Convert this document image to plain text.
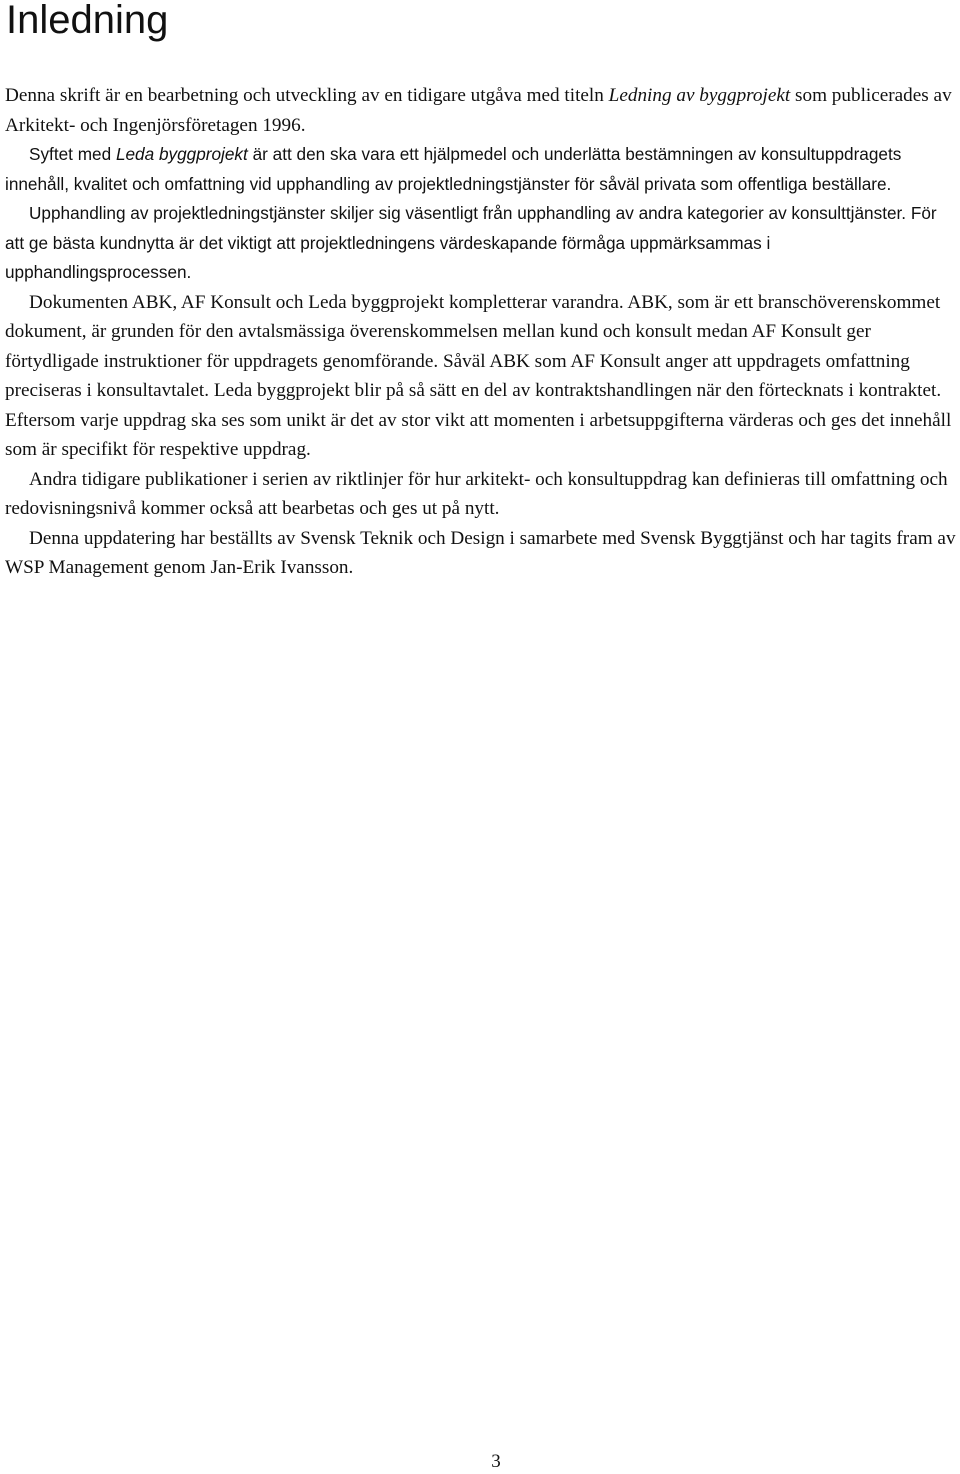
Inledning

Denna skrift är en bearbetning och utveckling av en tidigare utgåva med titeln Ledning av byggprojekt som publicerades av Arkitekt- och Ingenjörsföretagen 1996.

Syftet med Leda byggprojekt är att den ska vara ett hjälpmedel och underlätta bestämningen av konsultuppdragets innehåll, kvalitet och omfattning vid upphandling av projektledningstjänster för såväl privata som offentliga beställare.

Upphandling av projektledningstjänster skiljer sig väsentligt från upphandling av andra kategorier av konsulttjänster. För att ge bästa kundnytta är det viktigt att projektledningens värdeskapande förmåga uppmärksammas i upphandlingsprocessen.

Dokumenten ABK, AF Konsult och Leda byggprojekt kompletterar varandra. ABK, som är ett branschöverenskommet dokument, är grunden för den avtalsmässiga överenskommelsen mellan kund och konsult medan AF Konsult ger förtydligade instruktioner för uppdragets genomförande. Såväl ABK som AF Konsult anger att uppdragets omfattning preciseras i konsultavtalet. Leda byggprojekt blir på så sätt en del av kontraktshandlingen när den förtecknats i kontraktet. Eftersom varje uppdrag ska ses som unikt är det av stor vikt att momenten i arbetsuppgifterna värderas och ges det innehåll som är specifikt för respektive uppdrag.

Andra tidigare publikationer i serien av riktlinjer för hur arkitekt- och konsultuppdrag kan definieras till omfattning och redovisningsnivå kommer också att bearbetas och ges ut på nytt.

Denna uppdatering har beställts av Svensk Teknik och Design i samarbete med Svensk Byggtjänst och har tagits fram av WSP Management genom Jan-Erik Ivansson.

3
